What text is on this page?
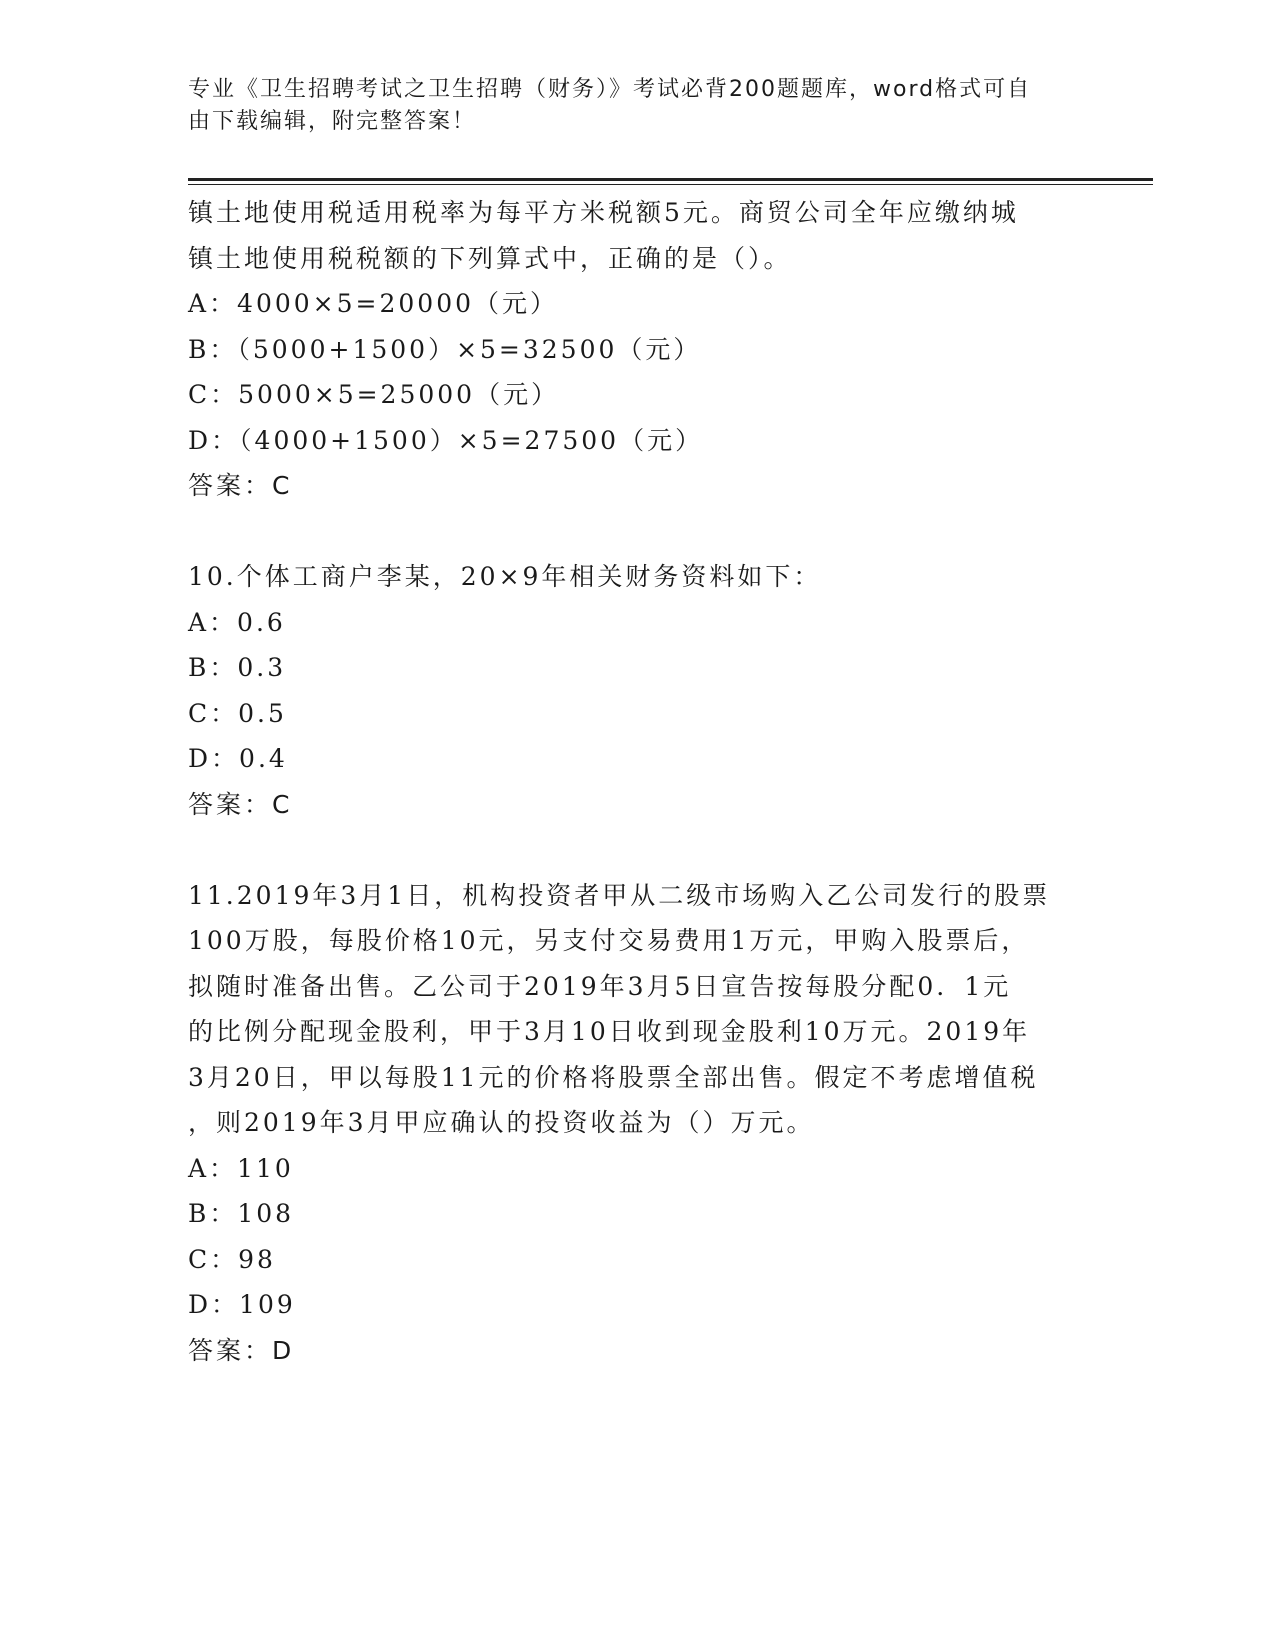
专业《卫生招聘考试之卫生招聘（财务）》考试必背200题题库，word格式可自
由下载编辑，附完整答案！
镇土地使用税适用税率为每平方米税额5元。商贸公司全年应缴纳城
镇土地使用税税额的下列算式中，正确的是（）。
A：4000×5=20000（元）
B：（5000+1500）×5=32500（元）
C：5000×5=25000（元）
D：（4000+1500）×5=27500（元）
答案：C
10.个体工商户李某，20×9年相关财务资料如下：
A：0.6
B：0.3
C：0.5
D：0.4
答案：C
11.2019年3月1日，机构投资者甲从二级市场购入乙公司发行的股票
100万股，每股价格10元，另支付交易费用1万元，甲购入股票后，
拟随时准备出售。乙公司于2019年3月5日宣告按每股分配0．1元
的比例分配现金股利，甲于3月10日收到现金股利10万元。2019年
3月20日，甲以每股11元的价格将股票全部出售。假定不考虑增值税
，则2019年3月甲应确认的投资收益为（）万元。
A：110
B：108
C：98
D：109
答案：D
